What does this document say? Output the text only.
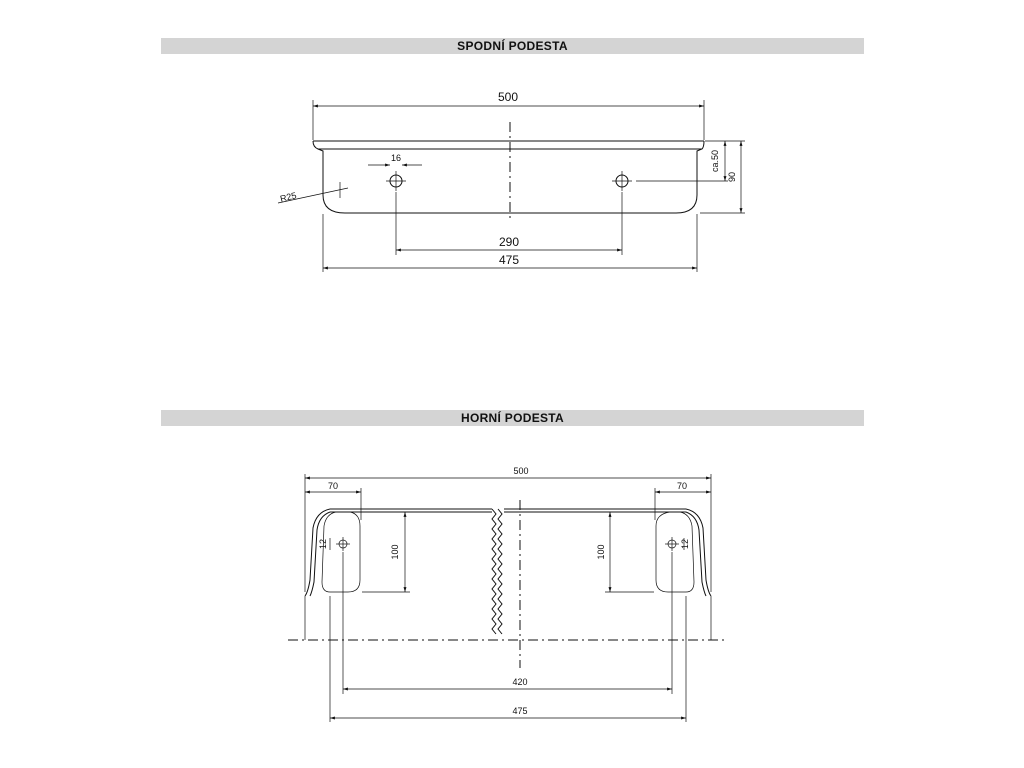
SPODNÍ PODESTA
HORNÍ PODESTA
500
16
R25
ca.50
90
290
475
500
70	70
12	12
100	100
420
475
